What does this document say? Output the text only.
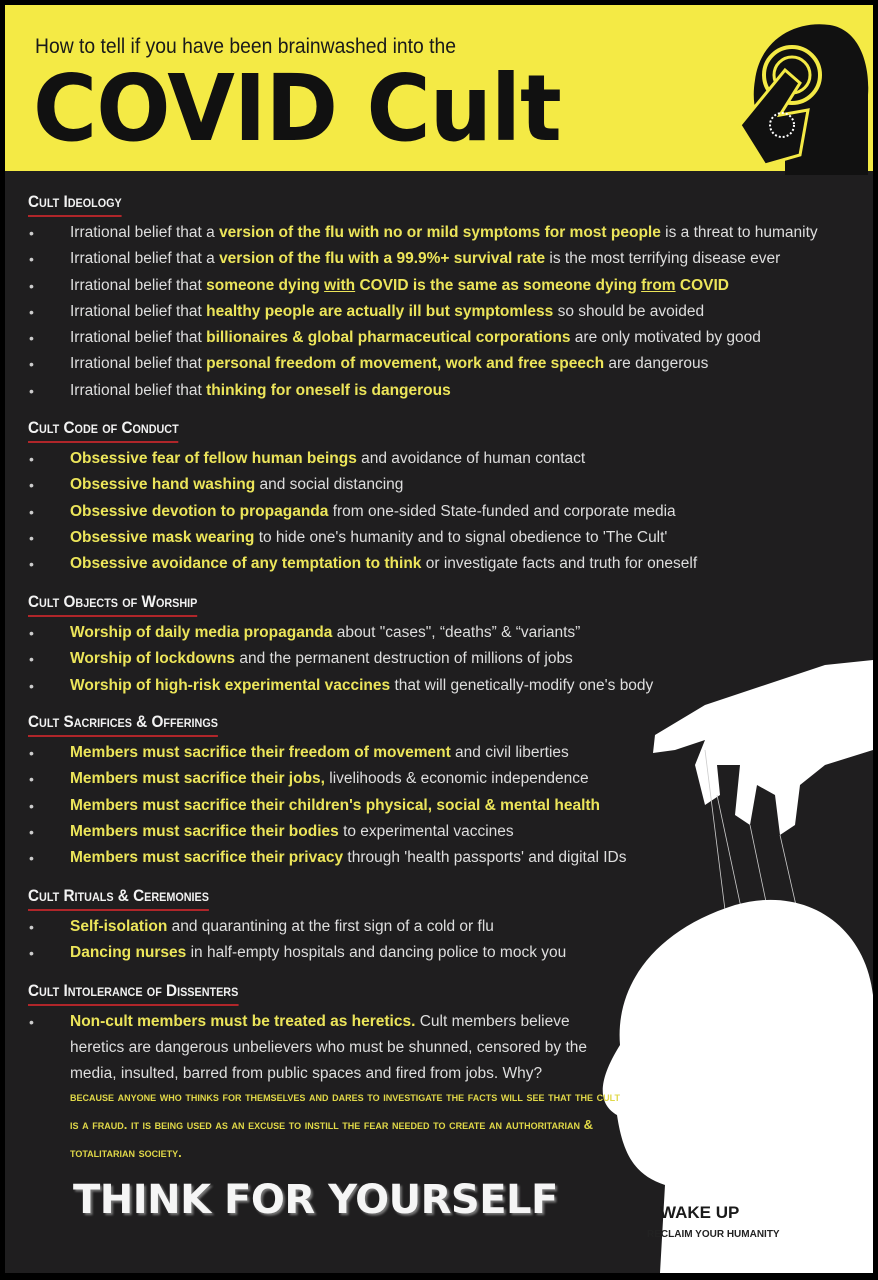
How to tell if you have been brainwashed into the
COVID Cult
Cult Ideology
• Irrational belief that a version of the flu with no or mild symptoms for most people is a threat to humanity
• Irrational belief that a version of the flu with a 99.9%+ survival rate is the most terrifying disease ever
• Irrational belief that someone dying with COVID is the same as someone dying from COVID
• Irrational belief that healthy people are actually ill but symptomless so should be avoided
• Irrational belief that billionaires & global pharmaceutical corporations are only motivated by good
• Irrational belief that personal freedom of movement, work and free speech are dangerous
• Irrational belief that thinking for oneself is dangerous
Cult Code of Conduct
• Obsessive fear of fellow human beings and avoidance of human contact
• Obsessive hand washing and social distancing
• Obsessive devotion to propaganda from one-sided State-funded and corporate media
• Obsessive mask wearing to hide one's humanity and to signal obedience to 'The Cult'
• Obsessive avoidance of any temptation to think or investigate facts and truth for oneself
Cult Objects of Worship
• Worship of daily media propaganda about "cases", “deaths” & “variants”
• Worship of lockdowns and the permanent destruction of millions of jobs
• Worship of high-risk experimental vaccines that will genetically-modify one's body
Cult Sacrifices & Offerings
• Members must sacrifice their freedom of movement and civil liberties
• Members must sacrifice their jobs, livelihoods & economic independence
• Members must sacrifice their children's physical, social & mental health
• Members must sacrifice their bodies to experimental vaccines
• Members must sacrifice their privacy through 'health passports' and digital IDs
Cult Rituals & Ceremonies
• Self-isolation and quarantining at the first sign of a cold or flu
• Dancing nurses in half-empty hospitals and dancing police to mock you
Cult Intolerance of Dissenters
• Non-cult members must be treated as heretics. Cult members believe heretics are dangerous unbelievers who must be shunned, censored by the media, insulted, barred from public spaces and fired from jobs. Why?

because anyone who thinks for themselves and dares to investigate the facts will see that the cult is a fraud. it is being used as an excuse to instill the fear needed to create an authoritarian & totalitarian society.
THINK FOR YOURSELF	WAKE UP
RECLAIM YOUR HUMANITY
